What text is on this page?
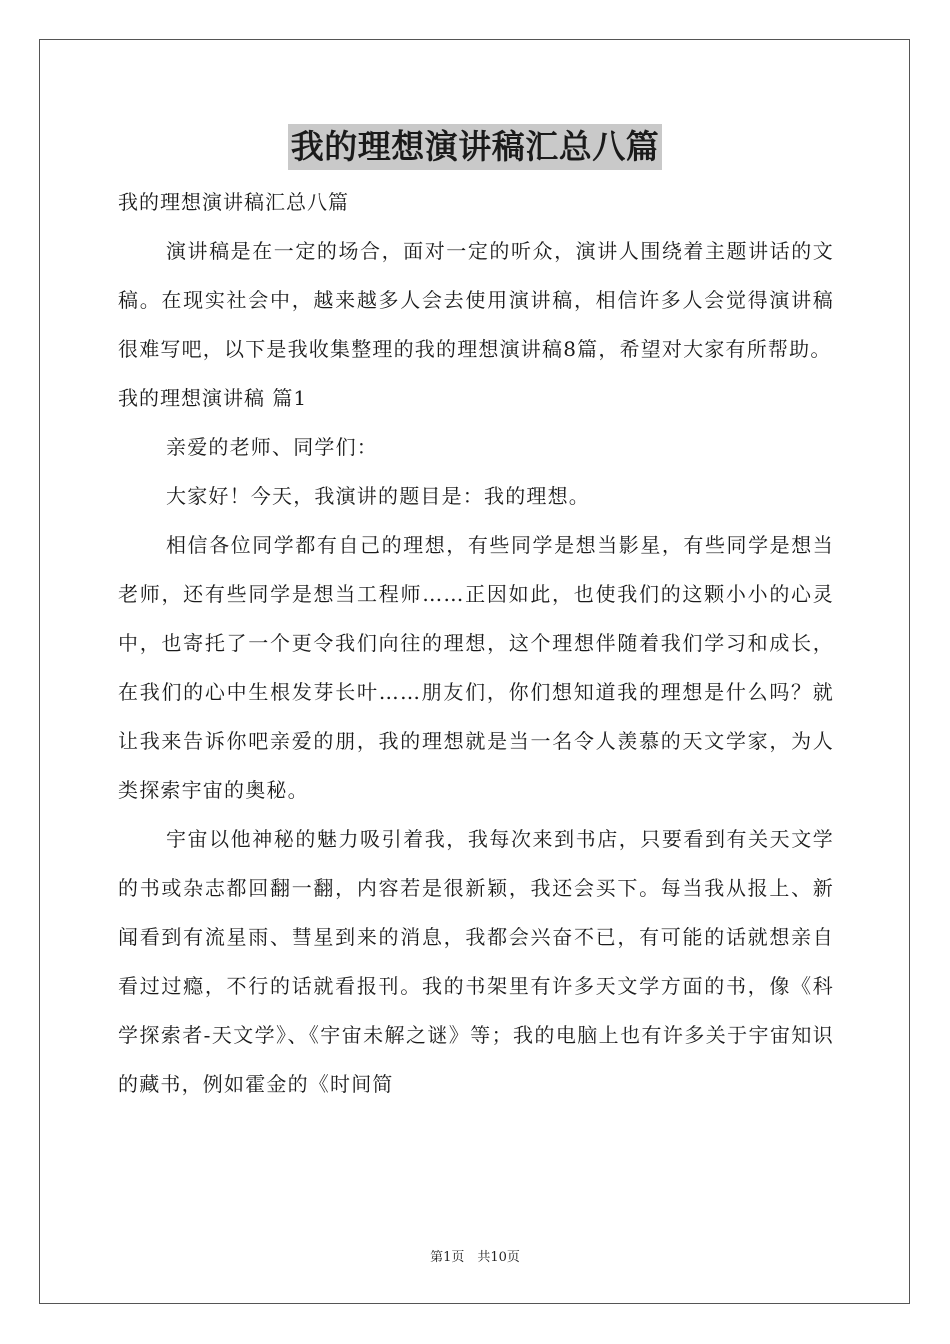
我的理想演讲稿汇总八篇

我的理想演讲稿汇总八篇

演讲稿是在一定的场合，面对一定的听众，演讲人围绕着主题讲话的文稿。在现实社会中，越来越多人会去使用演讲稿，相信许多人会觉得演讲稿很难写吧，以下是我收集整理的我的理想演讲稿8篇，希望对大家有所帮助。

我的理想演讲稿 篇1

亲爱的老师、同学们：

大家好！今天，我演讲的题目是：我的理想。

相信各位同学都有自己的理想，有些同学是想当影星，有些同学是想当老师，还有些同学是想当工程师……正因如此，也使我们的这颗小小的心灵中，也寄托了一个更令我们向往的理想，这个理想伴随着我们学习和成长，在我们的心中生根发芽长叶……朋友们，你们想知道我的理想是什么吗？就让我来告诉你吧亲爱的朋，我的理想就是当一名令人羡慕的天文学家，为人类探索宇宙的奥秘。

宇宙以他神秘的魅力吸引着我，我每次来到书店，只要看到有关天文学的书或杂志都回翻一翻，内容若是很新颖，我还会买下。每当我从报上、新闻看到有流星雨、彗星到来的消息，我都会兴奋不已，有可能的话就想亲自看过过瘾，不行的话就看报刊。我的书架里有许多天文学方面的书，像《科学探索者-天文学》、《宇宙未解之谜》等；我的电脑上也有许多关于宇宙知识的藏书，例如霍金的《时间简

第1页　共10页
